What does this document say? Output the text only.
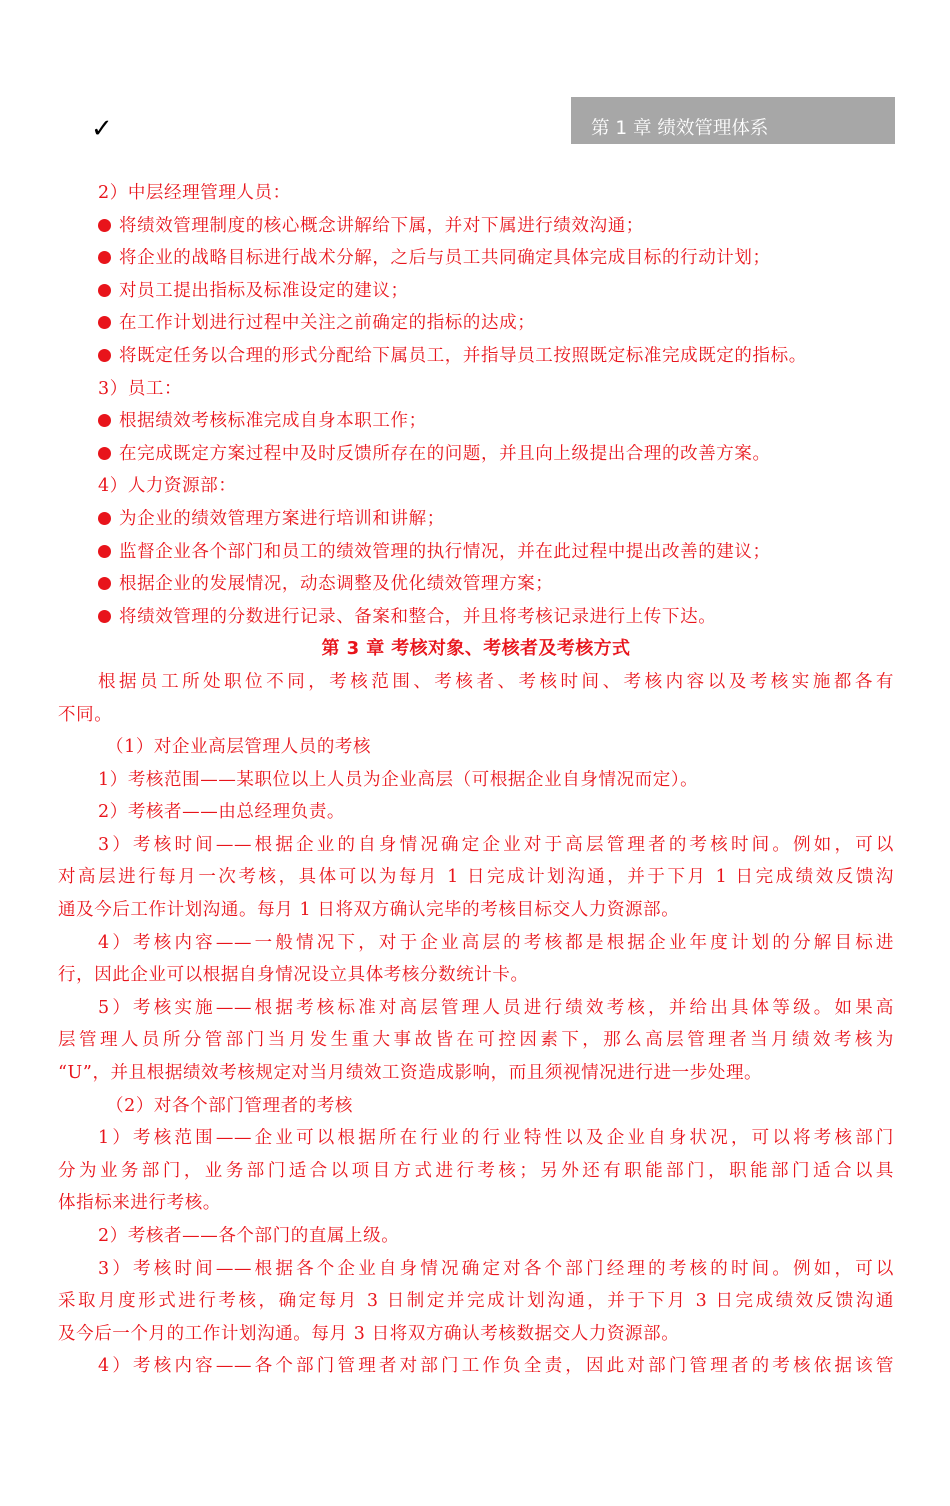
✓	第 1 章 绩效管理体系
2）中层经理管理人员：
将绩效管理制度的核心概念讲解给下属，并对下属进行绩效沟通；
将企业的战略目标进行战术分解，之后与员工共同确定具体完成目标的行动计划；
对员工提出指标及标准设定的建议；
在工作计划进行过程中关注之前确定的指标的达成；
将既定任务以合理的形式分配给下属员工，并指导员工按照既定标准完成既定的指标。
3）员工：
根据绩效考核标准完成自身本职工作；
在完成既定方案过程中及时反馈所存在的问题，并且向上级提出合理的改善方案。
4）人力资源部：
为企业的绩效管理方案进行培训和讲解；
监督企业各个部门和员工的绩效管理的执行情况，并在此过程中提出改善的建议；
根据企业的发展情况，动态调整及优化绩效管理方案；
将绩效管理的分数进行记录、备案和整合，并且将考核记录进行上传下达。
第 3 章 考核对象、考核者及考核方式
根据员工所处职位不同，考核范围、考核者、考核时间、考核内容以及考核实施都各有
不同。
（1）对企业高层管理人员的考核
1）考核范围——某职位以上人员为企业高层（可根据企业自身情况而定）。
2）考核者——由总经理负责。
3）考核时间——根据企业的自身情况确定企业对于高层管理者的考核时间。例如，可以
对高层进行每月一次考核，具体可以为每月 1 日完成计划沟通，并于下月 1 日完成绩效反馈沟
通及今后工作计划沟通。每月 1 日将双方确认完毕的考核目标交人力资源部。
4）考核内容——一般情况下，对于企业高层的考核都是根据企业年度计划的分解目标进
行，因此企业可以根据自身情况设立具体考核分数统计卡。
5）考核实施——根据考核标准对高层管理人员进行绩效考核，并给出具体等级。如果高
层管理人员所分管部门当月发生重大事故皆在可控因素下，那么高层管理者当月绩效考核为
“U”，并且根据绩效考核规定对当月绩效工资造成影响，而且须视情况进行进一步处理。
（2）对各个部门管理者的考核
1）考核范围——企业可以根据所在行业的行业特性以及企业自身状况，可以将考核部门
分为业务部门，业务部门适合以项目方式进行考核；另外还有职能部门，职能部门适合以具
体指标来进行考核。
2）考核者——各个部门的直属上级。
3）考核时间——根据各个企业自身情况确定对各个部门经理的考核的时间。例如，可以
采取月度形式进行考核，确定每月 3 日制定并完成计划沟通，并于下月 3 日完成绩效反馈沟通
及今后一个月的工作计划沟通。每月 3 日将双方确认考核数据交人力资源部。
4）考核内容——各个部门管理者对部门工作负全责，因此对部门管理者的考核依据该管
